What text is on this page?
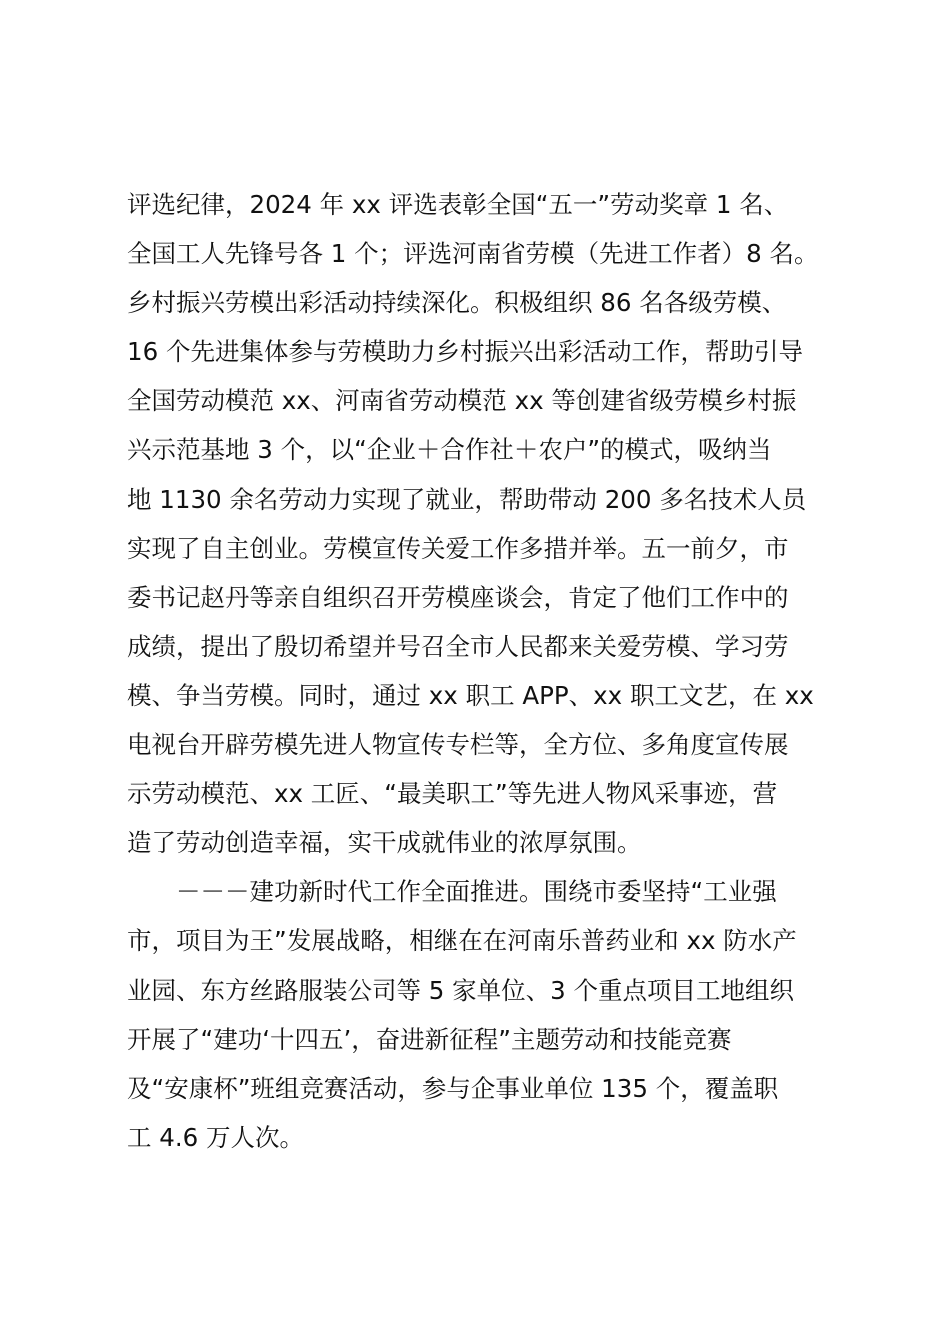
评选纪律，2024 年 xx 评选表彰全国“五一”劳动奖章 1 名、
全国工人先锋号各 1 个；评选河南省劳模（先进工作者）8 名。
乡村振兴劳模出彩活动持续深化。积极组织 86 名各级劳模、
16 个先进集体参与劳模助力乡村振兴出彩活动工作，帮助引导
全国劳动模范 xx、河南省劳动模范 xx 等创建省级劳模乡村振
兴示范基地 3 个，以“企业＋合作社＋农户”的模式，吸纳当
地 1130 余名劳动力实现了就业，帮助带动 200 多名技术人员
实现了自主创业。劳模宣传关爱工作多措并举。五一前夕，市
委书记赵丹等亲自组织召开劳模座谈会，肯定了他们工作中的
成绩，提出了殷切希望并号召全市人民都来关爱劳模、学习劳
模、争当劳模。同时，通过 xx 职工 APP、xx 职工文艺，在 xx
电视台开辟劳模先进人物宣传专栏等，全方位、多角度宣传展
示劳动模范、xx 工匠、“最美职工”等先进人物风采事迹，营
造了劳动创造幸福，实干成就伟业的浓厚氛围。
－－－建功新时代工作全面推进。围绕市委坚持“工业强
市，项目为王”发展战略，相继在在河南乐普药业和 xx 防水产
业园、东方丝路服装公司等 5 家单位、3 个重点项目工地组织
开展了“建功‘十四五’，奋进新征程”主题劳动和技能竞赛
及“安康杯”班组竞赛活动，参与企事业单位 135 个，覆盖职
工 4.6 万人次。
